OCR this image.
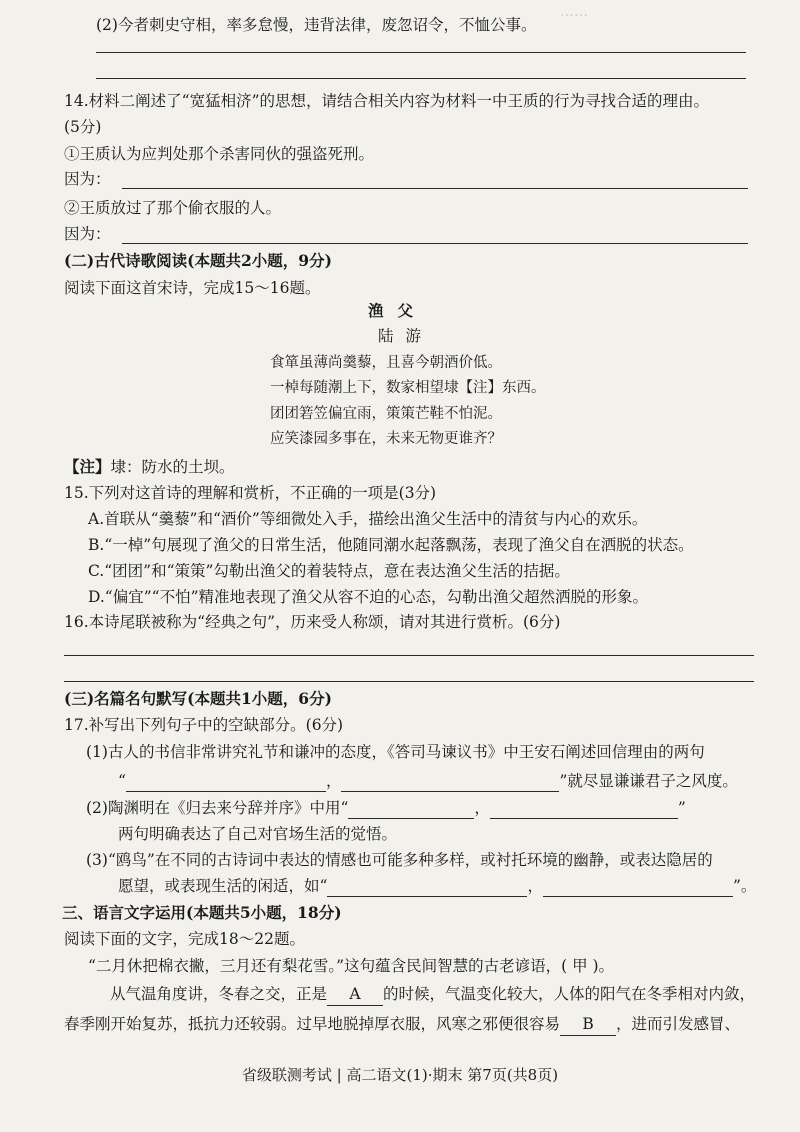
……
(2)今者刺史守相，率多怠慢，违背法律，废忽诏令，不恤公事。
14.材料二阐述了“宽猛相济”的思想，请结合相关内容为材料一中王质的行为寻找合适的理由。
(5分)
①王质认为应判处那个杀害同伙的强盗死刑。
因为：
②王质放过了那个偷衣服的人。
因为：
(二)古代诗歌阅读(本题共2小题，9分)
阅读下面这首宋诗，完成15～16题。
渔父
陆游
食箪虽薄尚羹藜，且喜今朝酒价低。
一棹每随潮上下，数家相望埭【注】东西。
团团箬笠偏宜雨，策策芒鞋不怕泥。
应笑漆园多事在，未来无物更谁齐？
【注】埭：防水的土坝。
15.下列对这首诗的理解和赏析，不正确的一项是(3分)
A.首联从“羹藜”和“酒价”等细微处入手，描绘出渔父生活中的清贫与内心的欢乐。
B.“一棹”句展现了渔父的日常生活，他随同潮水起落飘荡，表现了渔父自在洒脱的状态。
C.“团团”和“策策”勾勒出渔父的着装特点，意在表达渔父生活的拮据。
D.“偏宜”“不怕”精准地表现了渔父从容不迫的心态，勾勒出渔父超然洒脱的形象。
16.本诗尾联被称为“经典之句”，历来受人称颂，请对其进行赏析。(6分)
(三)名篇名句默写(本题共1小题，6分)
17.补写出下列句子中的空缺部分。(6分)
(1)古人的书信非常讲究礼节和谦冲的态度，《答司马谏议书》中王安石阐述回信理由的两句
“	，	”就尽显谦谦君子之风度。
(2)陶渊明在《归去来兮辞并序》中用“	，	”
两句明确表达了自己对官场生活的觉悟。
(3)“鸥鸟”在不同的古诗词中表达的情感也可能多种多样，或衬托环境的幽静，或表达隐居的
愿望，或表现生活的闲适，如“	，	”。
三、语言文字运用(本题共5小题，18分)
阅读下面的文字，完成18～22题。
“二月休把棉衣撇，三月还有梨花雪。”这句蕴含民间智慧的古老谚语，( 甲 )。
从气温角度讲，冬春之交，正是 A 的时候，气温变化较大，人体的阳气在冬季相对内敛，
春季刚开始复苏，抵抗力还较弱。过早地脱掉厚衣服，风寒之邪便很容易 B ，进而引发感冒、
省级联测考试 | 高二语文(1)·期末 第7页(共8页)
